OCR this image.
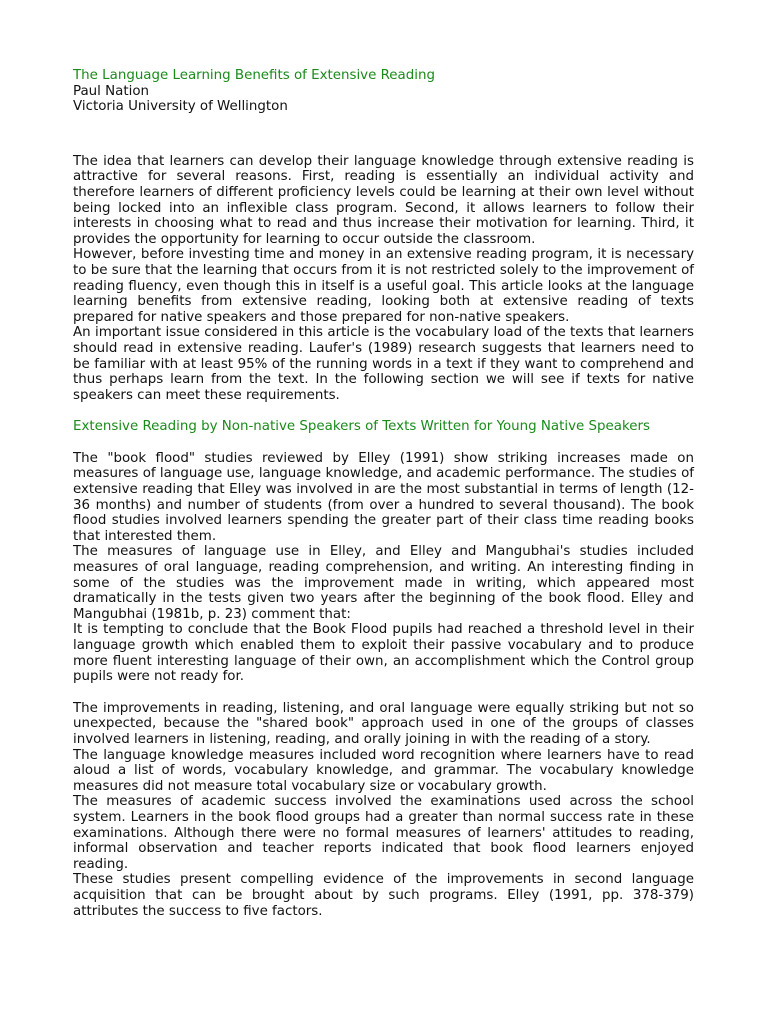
The Language Learning Benefits of Extensive Reading
Paul Nation
Victoria University of Wellington

The idea that learners can develop their language knowledge through extensive reading is attractive for several reasons. First, reading is essentially an individual activity and therefore learners of different proficiency levels could be learning at their own level without being locked into an inflexible class program. Second, it allows learners to follow their interests in choosing what to read and thus increase their motivation for learning. Third, it provides the opportunity for learning to occur outside the classroom.

However, before investing time and money in an extensive reading program, it is necessary to be sure that the learning that occurs from it is not restricted solely to the improvement of reading fluency, even though this in itself is a useful goal. This article looks at the language learning benefits from extensive reading, looking both at extensive reading of texts prepared for native speakers and those prepared for non-native speakers.

An important issue considered in this article is the vocabulary load of the texts that learners should read in extensive reading. Laufer's (1989) research suggests that learners need to be familiar with at least 95% of the running words in a text if they want to comprehend and thus perhaps learn from the text. In the following section we will see if texts for native speakers can meet these requirements.

Extensive Reading by Non-native Speakers of Texts Written for Young Native Speakers

The "book flood" studies reviewed by Elley (1991) show striking increases made on measures of language use, language knowledge, and academic performance. The studies of extensive reading that Elley was involved in are the most substantial in terms of length (12-36 months) and number of students (from over a hundred to several thousand). The book flood studies involved learners spending the greater part of their class time reading books that interested them.

The measures of language use in Elley, and Elley and Mangubhai's studies included measures of oral language, reading comprehension, and writing. An interesting finding in some of the studies was the improvement made in writing, which appeared most dramatically in the tests given two years after the beginning of the book flood. Elley and Mangubhai (1981b, p. 23) comment that:

It is tempting to conclude that the Book Flood pupils had reached a threshold level in their language growth which enabled them to exploit their passive vocabulary and to produce more fluent interesting language of their own, an accomplishment which the Control group pupils were not ready for.

The improvements in reading, listening, and oral language were equally striking but not so unexpected, because the "shared book" approach used in one of the groups of classes involved learners in listening, reading, and orally joining in with the reading of a story.

The language knowledge measures included word recognition where learners have to read aloud a list of words, vocabulary knowledge, and grammar. The vocabulary knowledge measures did not measure total vocabulary size or vocabulary growth.

The measures of academic success involved the examinations used across the school system. Learners in the book flood groups had a greater than normal success rate in these examinations. Although there were no formal measures of learners' attitudes to reading, informal observation and teacher reports indicated that book flood learners enjoyed reading.

These studies present compelling evidence of the improvements in second language acquisition that can be brought about by such programs. Elley (1991, pp. 378-379) attributes the success to five factors.
